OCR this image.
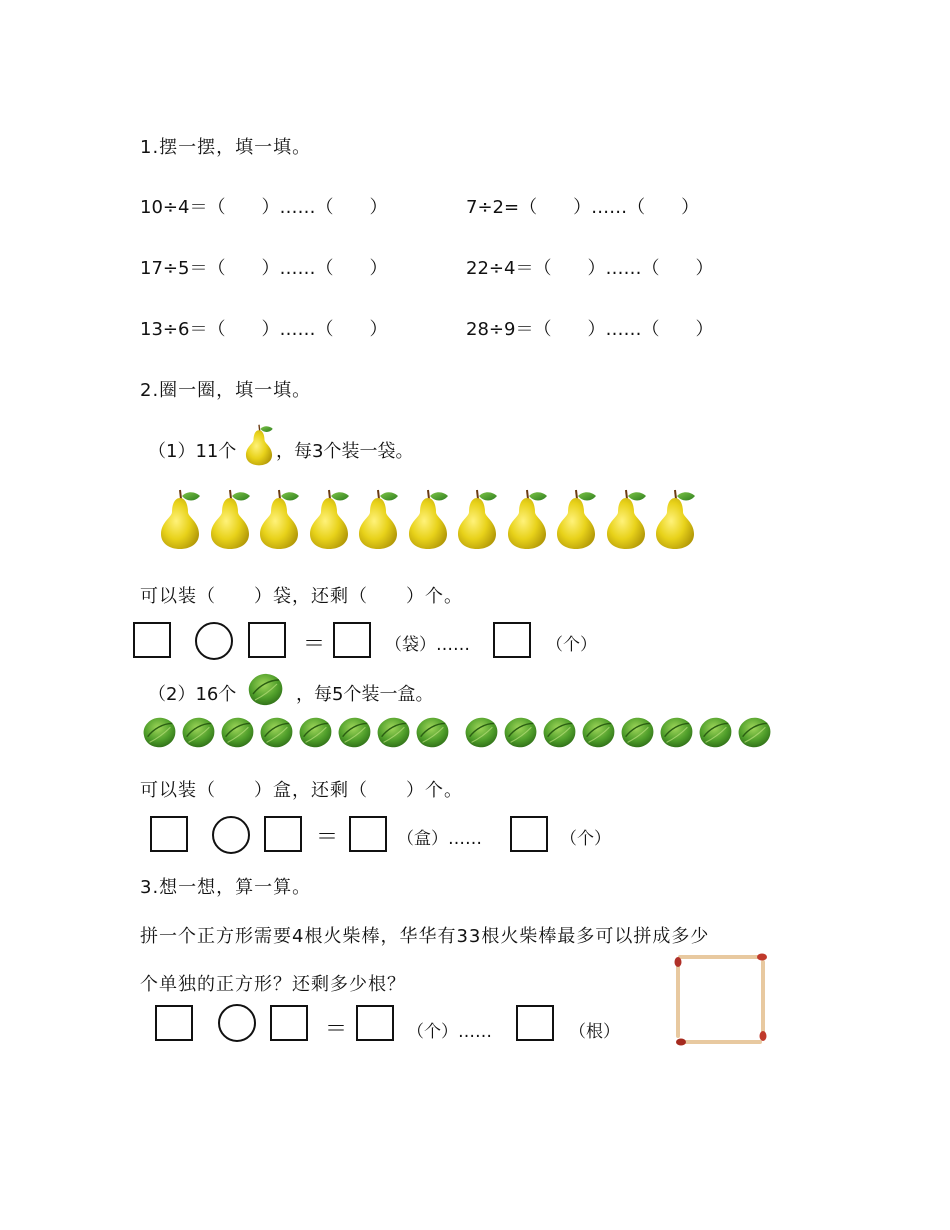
1.摆一摆，填一填。
10÷4＝（　　）……（　　）	7÷2=（　　）……（　　）
17÷5＝（　　）……（　　）	22÷4＝（　　）……（　　）
13÷6＝（　　）……（　　）	28÷9＝（　　）……（　　）
2.圈一圈，填一填。
（1）11个 ，每3个装一袋。
可以装（　　）袋，还剩（　　）个。
＝	（袋）……	（个）
（2）16个	，每5个装一盒。
可以装（　　）盒，还剩（　　）个。
＝	（盒）……	（个）
3.想一想，算一算。
拼一个正方形需要4根火柴棒，华华有33根火柴棒最多可以拼成多少
个单独的正方形？还剩多少根？
＝	（个）……	（根）
